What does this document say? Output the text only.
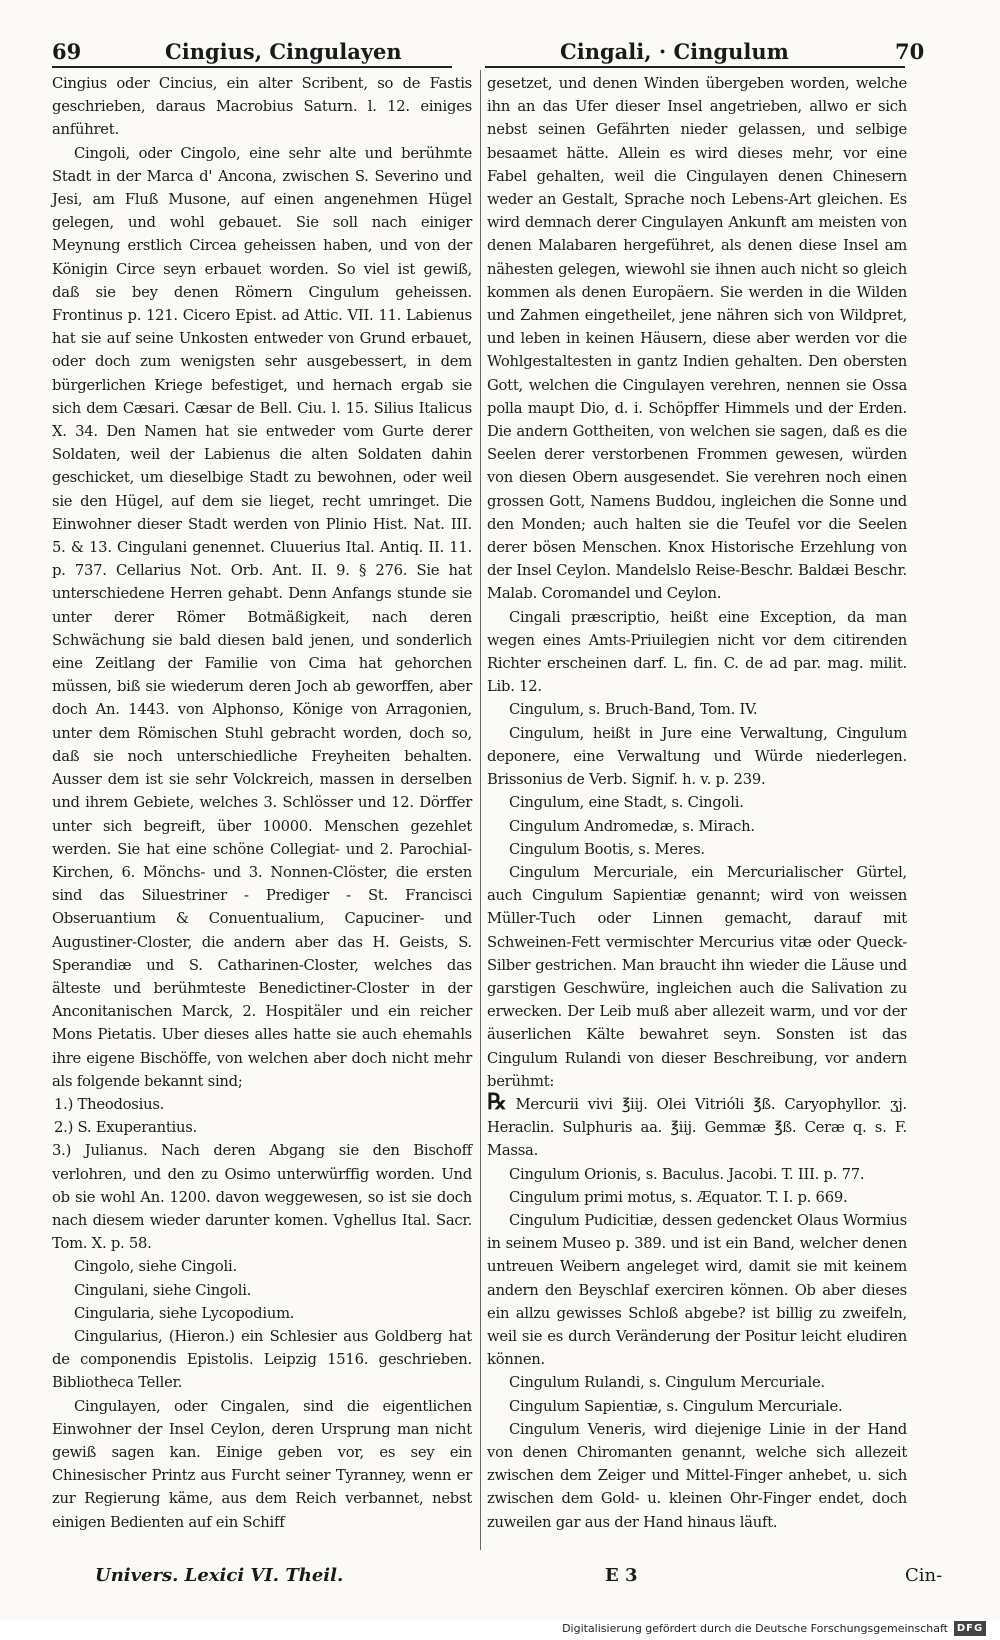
69	Cingius, Cingulayen	Cingali, · Cingulum	70

Cingius oder Cincius, ein alter Scribent, so de Fastis geschrieben, daraus Macrobius Saturn. l. 12. einiges anführet.

Cingoli, oder Cingolo, eine sehr alte und berühmte Stadt in der Marca d' Ancona, zwischen S. Severino und Jesi, am Fluß Musone, auf einen angenehmen Hügel gelegen, und wohl gebauet. Sie soll nach einiger Meynung erstlich Circea geheissen haben, und von der Königin Circe seyn erbauet worden. So viel ist gewiß, daß sie bey denen Römern Cingulum geheissen. Frontinus p. 121. Cicero Epist. ad Attic. VII. 11. Labienus hat sie auf seine Unkosten entweder von Grund erbauet, oder doch zum wenigsten sehr ausgebessert, in dem bürgerlichen Kriege befestiget, und hernach ergab sie sich dem Cæsari. Cæsar de Bell. Ciu. l. 15. Silius Italicus X. 34. Den Namen hat sie entweder vom Gurte derer Soldaten, weil der Labienus die alten Soldaten dahin geschicket, um dieselbige Stadt zu bewohnen, oder weil sie den Hügel, auf dem sie lieget, recht umringet. Die Einwohner dieser Stadt werden von Plinio Hist. Nat. III. 5. & 13. Cingulani genennet. Cluuerius Ital. Antiq. II. 11. p. 737. Cellarius Not. Orb. Ant. II. 9. § 276. Sie hat unterschiedene Herren gehabt. Denn Anfangs stunde sie unter derer Römer Botmäßigkeit, nach deren Schwächung sie bald diesen bald jenen, und sonderlich eine Zeitlang der Familie von Cima hat gehorchen müssen, biß sie wiederum deren Joch ab geworffen, aber doch An. 1443. von Alphonso, Könige von Arragonien, unter dem Römischen Stuhl gebracht worden, doch so, daß sie noch unterschiedliche Freyheiten behalten. Ausser dem ist sie sehr Volckreich, massen in derselben und ihrem Gebiete, welches 3. Schlösser und 12. Dörffer unter sich begreift, über 10000. Menschen gezehlet werden. Sie hat eine schöne Collegiat- und 2. Parochial-Kirchen, 6. Mönchs- und 3. Nonnen-Clöster, die ersten sind das Siluestriner - Prediger - St. Francisci Obseruantium & Conuentualium, Capuciner- und Augustiner-Closter, die andern aber das H. Geists, S. Sperandiæ und S. Catharinen-Closter, welches das älteste und berühmteste Benedictiner-Closter in der Anconitanischen Marck, 2. Hospitäler und ein reicher Mons Pietatis. Uber dieses alles hatte sie auch ehemahls ihre eigene Bischöffe, von welchen aber doch nicht mehr als folgende bekannt sind;

1.) Theodosius.

2.) S. Exuperantius.

3.) Julianus. Nach deren Abgang sie den Bischoff verlohren, und den zu Osimo unterwürffig worden. Und ob sie wohl An. 1200. davon weggewesen, so ist sie doch nach diesem wieder darunter komen. Vghellus Ital. Sacr. Tom. X. p. 58.

Cingolo, siehe Cingoli.

Cingulani, siehe Cingoli.

Cingularia, siehe Lycopodium.

Cingularius, (Hieron.) ein Schlesier aus Goldberg hat de componendis Epistolis. Leipzig 1516. geschrieben. Bibliotheca Teller.

Cingulayen, oder Cingalen, sind die eigentlichen Einwohner der Insel Ceylon, deren Ursprung man nicht gewiß sagen kan. Einige geben vor, es sey ein Chinesischer Printz aus Furcht seiner Tyranney, wenn er zur Regierung käme, aus dem Reich verbannet, nebst einigen Bedienten auf ein Schiff

gesetzet, und denen Winden übergeben worden, welche ihn an das Ufer dieser Insel angetrieben, allwo er sich nebst seinen Gefährten nieder gelassen, und selbige besaamet hätte. Allein es wird dieses mehr, vor eine Fabel gehalten, weil die Cingulayen denen Chinesern weder an Gestalt, Sprache noch Lebens-Art gleichen. Es wird demnach derer Cingulayen Ankunft am meisten von denen Malabaren hergeführet, als denen diese Insel am nähesten gelegen, wiewohl sie ihnen auch nicht so gleich kommen als denen Europäern. Sie werden in die Wilden und Zahmen eingetheilet, jene nähren sich von Wildpret, und leben in keinen Häusern, diese aber werden vor die Wohlgestaltesten in gantz Indien gehalten. Den obersten Gott, welchen die Cingulayen verehren, nennen sie Ossa polla maupt Dio, d. i. Schöpffer Himmels und der Erden. Die andern Gottheiten, von welchen sie sagen, daß es die Seelen derer verstorbenen Frommen gewesen, würden von diesen Obern ausgesendet. Sie verehren noch einen grossen Gott, Namens Buddou, ingleichen die Sonne und den Monden; auch halten sie die Teufel vor die Seelen derer bösen Menschen. Knox Historische Erzehlung von der Insel Ceylon. Mandelslo Reise-Beschr. Baldæi Beschr. Malab. Coromandel und Ceylon.

Cingali præscriptio, heißt eine Exception, da man wegen eines Amts-Priuilegien nicht vor dem citirenden Richter erscheinen darf. L. fin. C. de ad par. mag. milit. Lib. 12.

Cingulum, s. Bruch-Band, Tom. IV.

Cingulum, heißt in Jure eine Verwaltung, Cingulum deponere, eine Verwaltung und Würde niederlegen. Brissonius de Verb. Signif. h. v. p. 239.

Cingulum, eine Stadt, s. Cingoli.

Cingulum Andromedæ, s. Mirach.

Cingulum Bootis, s. Meres.

Cingulum Mercuriale, ein Mercurialischer Gürtel, auch Cingulum Sapientiæ genannt; wird von weissen Müller-Tuch oder Linnen gemacht, darauf mit Schweinen-Fett vermischter Mercurius vitæ oder Queck-Silber gestrichen. Man braucht ihn wieder die Läuse und garstigen Geschwüre, ingleichen auch die Salivation zu erwecken. Der Leib muß aber allezeit warm, und vor der äuserlichen Kälte bewahret seyn. Sonsten ist das Cingulum Rulandi von dieser Beschreibung, vor andern berühmt:

℞ Mercurii vivi ℥iij. Olei Vitrióli ℥ß. Caryophyllor. ʒj. Heraclin. Sulphuris aa. ℥iij. Gemmæ ℥ß. Ceræ q. s. F. Massa.

Cingulum Orionis, s. Baculus. Jacobi. T. III. p. 77.

Cingulum primi motus, s. Æquator. T. I. p. 669.

Cingulum Pudicitiæ, dessen gedencket Olaus Wormius in seinem Museo p. 389. und ist ein Band, welcher denen untreuen Weibern angeleget wird, damit sie mit keinem andern den Beyschlaf exerciren können. Ob aber dieses ein allzu gewisses Schloß abgebe? ist billig zu zweifeln, weil sie es durch Veränderung der Positur leicht eludiren können.

Cingulum Rulandi, s. Cingulum Mercuriale.

Cingulum Sapientiæ, s. Cingulum Mercuriale.

Cingulum Veneris, wird diejenige Linie in der Hand von denen Chiromanten genannt, welche sich allezeit zwischen dem Zeiger und Mittel-Finger anhebet, u. sich zwischen dem Gold- u. kleinen Ohr-Finger endet, doch zuweilen gar aus der Hand hinaus läuft.

Univers. Lexici VI. Theil.	E 3	Cin-
Digitalisierung gefördert durch die Deutsche Forschungsgemeinschaft DFG
